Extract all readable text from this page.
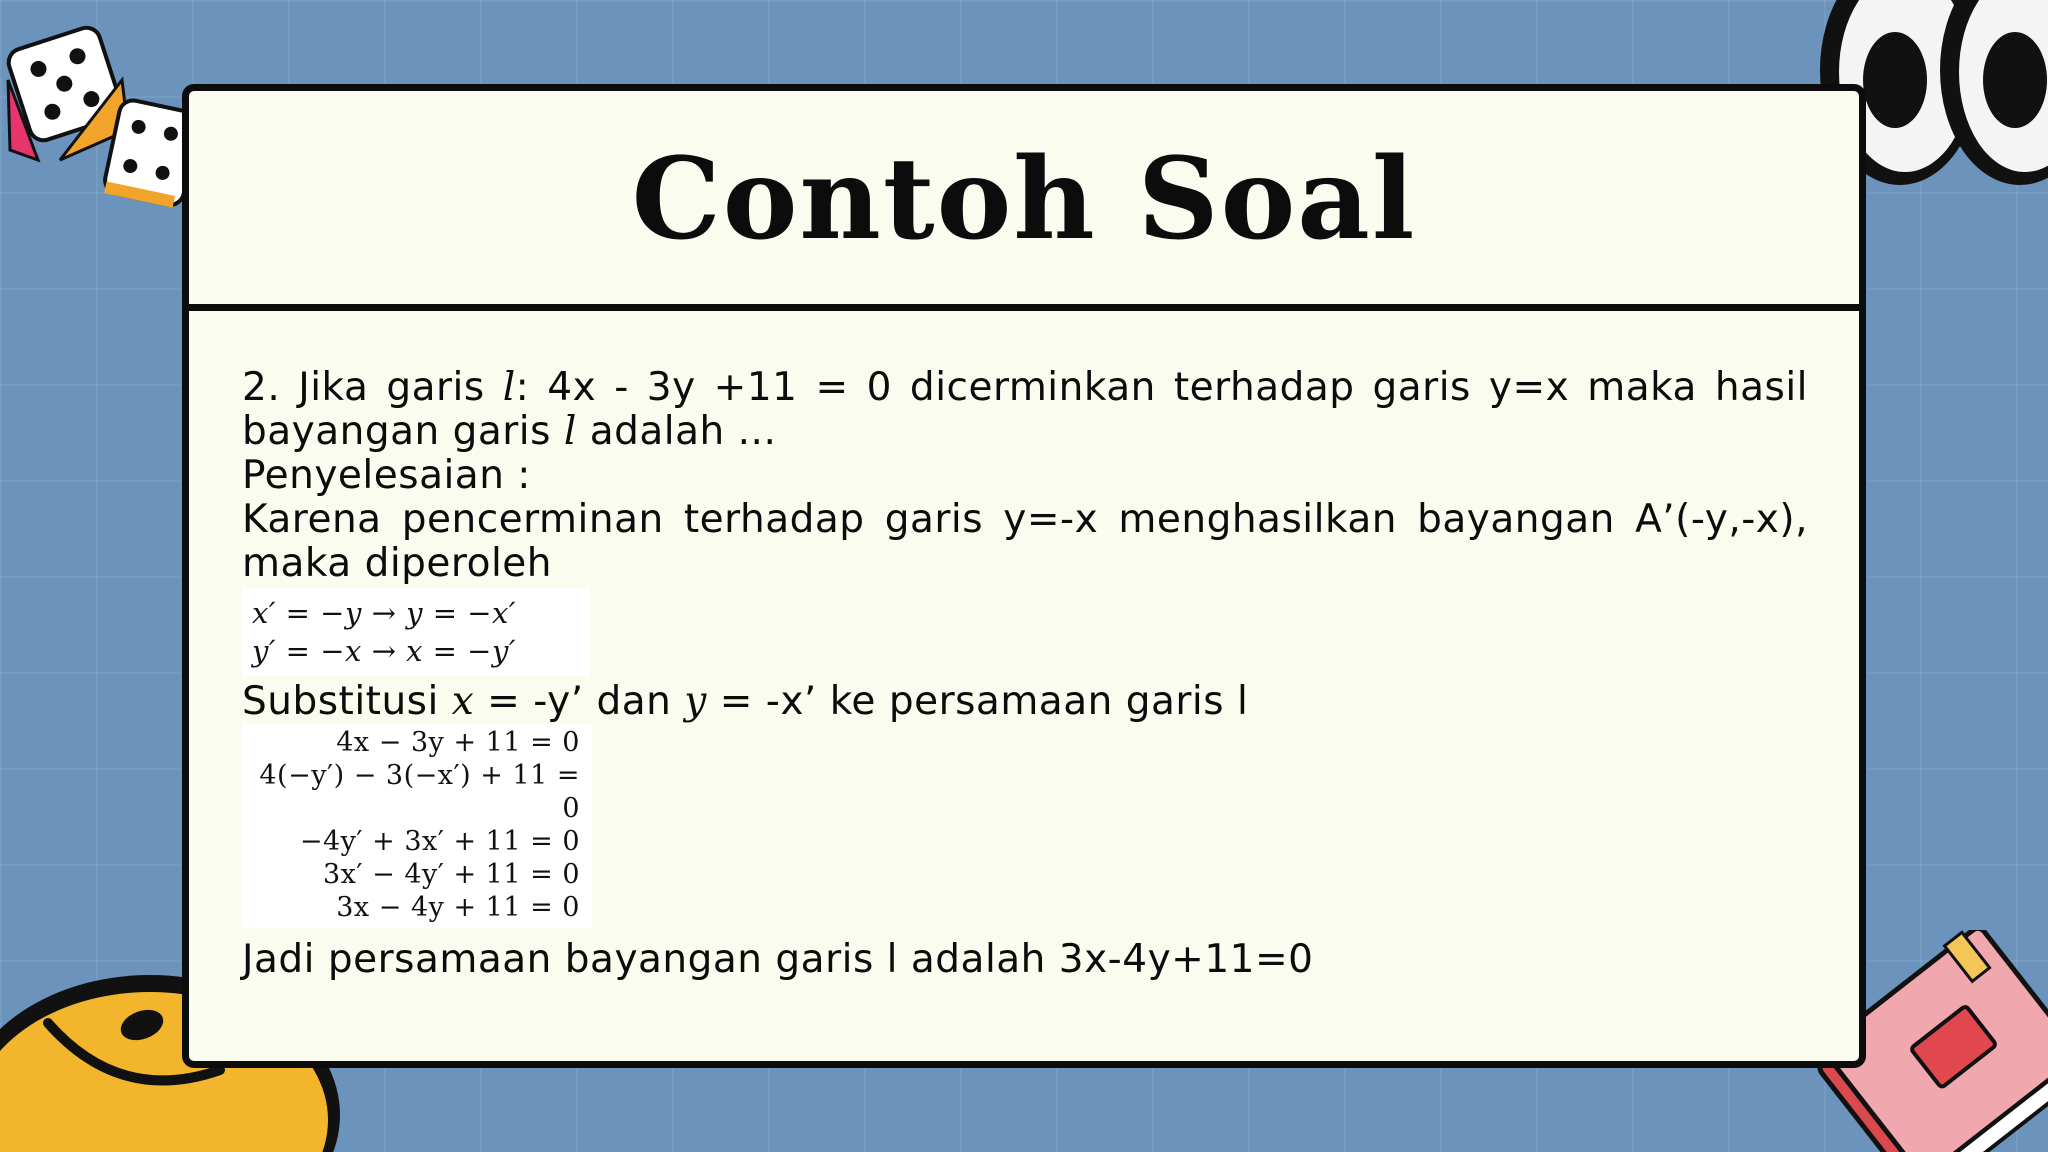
Contoh Soal

2. Jika garis l: 4x - 3y +11 = 0 dicerminkan terhadap garis y=x maka hasil bayangan garis l adalah ...

Penyelesaian :

Karena pencerminan terhadap garis y=-x menghasilkan bayangan A’(-y,-x), maka diperoleh

x′ = −y → y = −x′
y′ = −x → x = −y′

Substitusi x = -y’ dan y = -x’ ke persamaan garis l

4x − 3y + 11 = 0
4(−y′) − 3(−x′) + 11 = 0
−4y′ + 3x′ + 11 = 0
3x′ − 4y′ + 11 = 0
3x − 4y + 11 = 0

Jadi persamaan bayangan garis l adalah 3x-4y+11=0
